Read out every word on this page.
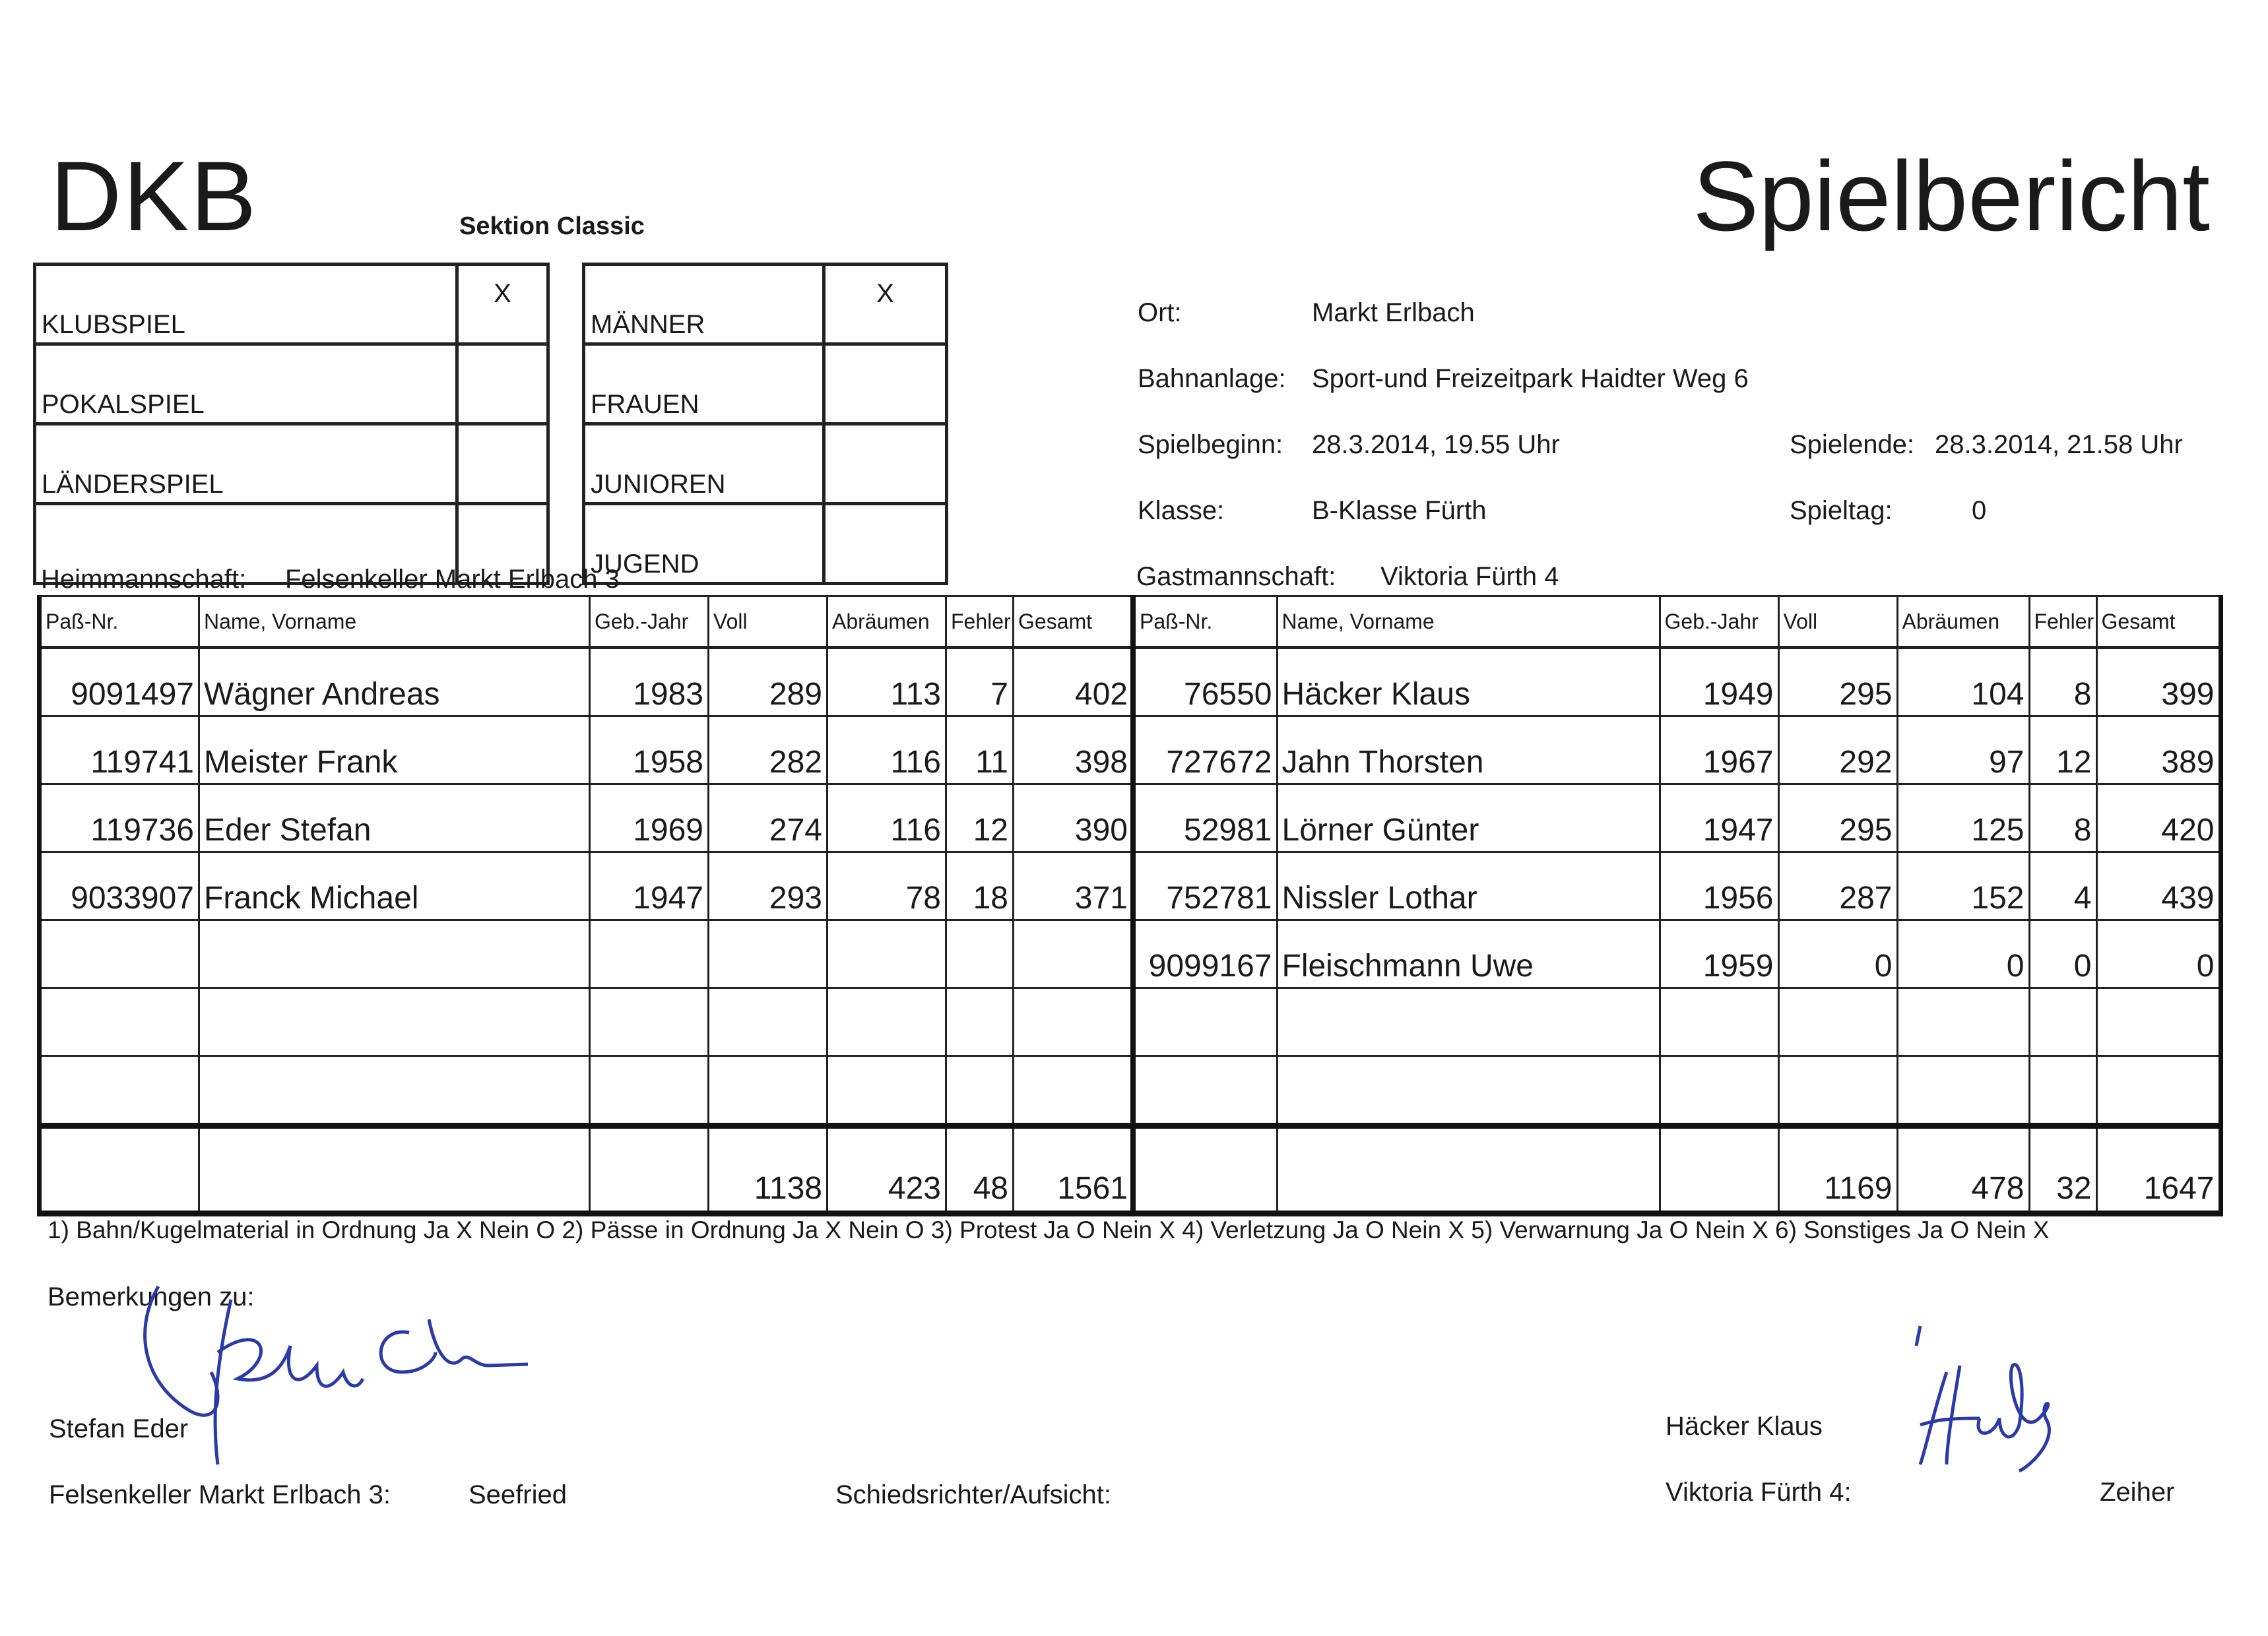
DKB	Sektion Classic	Spielbericht
KLUBSPIEL	X
POKALSPIEL	
LÄNDERSPIEL	

MÄNNER	X
FRAUEN	
JUNIOREN	
JUGEND	
Ort:	Markt Erlbach
Bahnanlage: Sport-und Freizeitpark Haidter Weg 6
Spielbeginn: 28.3.2014, 19.55 Uhr	Spielende: 28.3.2014, 21.58 Uhr
Klasse:	B-Klasse Fürth	Spieltag:	0
Heimmannschaft: Felsenkeller Markt Erlbach 3	Gastmannschaft: Viktoria Fürth 4
Paß-Nr.	Name, Vorname	Geb.-Jahr	Voll	Abräumen	Fehler	Gesamt
9091497	Wägner Andreas	1983	289	113	7	402
119741	Meister Frank	1958	282	116	11	398
119736	Eder Stefan	1969	274	116	12	390
9033907	Franck Michael	1947	293	78	18	371

			1138	423	48	1561
Paß-Nr.	Name, Vorname	Geb.-Jahr	Voll	Abräumen	Fehler	Gesamt
76550	Häcker Klaus	1949	295	104	8	399
727672	Jahn Thorsten	1967	292	97	12	389
52981	Lörner Günter	1947	295	125	8	420
752781	Nissler Lothar	1956	287	152	4	439
9099167	Fleischmann Uwe	1959	0	0	0	0

			1169	478	32	1647
1) Bahn/Kugelmaterial in Ordnung Ja X Nein O 2) Pässe in Ordnung Ja X Nein O 3) Protest Ja O Nein X 4) Verletzung Ja O Nein X 5) Verwarnung Ja O Nein X 6) Sonstiges Ja O Nein X
Bemerkungen zu:
Stefan Eder
Felsenkeller Markt Erlbach 3:	Seefried	Schiedsrichter/Aufsicht:
Häcker Klaus
Viktoria Fürth 4:	Zeiher
